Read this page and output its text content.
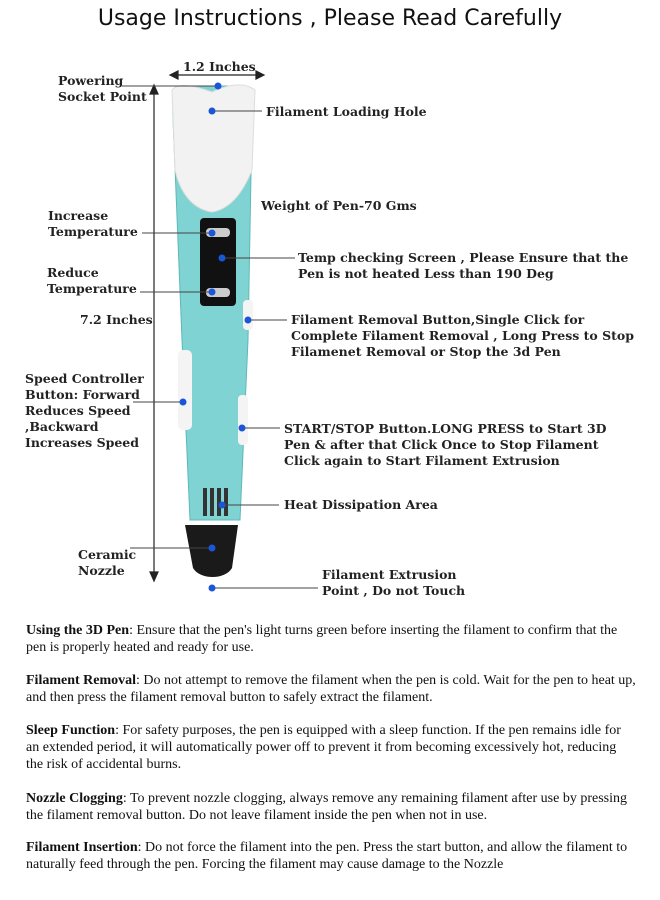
Usage Instructions , Please Read Carefully
1.2 Inches
7.2 Inches
Powering
Socket Point
Filament Loading Hole
Weight of Pen-70 Gms
Increase
Temperature
Reduce
Temperature
Temp checking Screen , Please Ensure that the
Pen is not heated Less than 190 Deg
Filament Removal Button,Single Click for
Complete Filament Removal , Long Press to Stop
Filamenet Removal or Stop the 3d Pen
Speed Controller
Button: Forward
Reduces Speed
,Backward
Increases Speed
START/STOP Button.LONG PRESS to Start 3D
Pen & after that Click Once to Stop Filament
Click again to Start Filament Extrusion
Heat Dissipation Area
Ceramic
Nozzle	Filament Extrusion
Point , Do not Touch
Using the 3D Pen: Ensure that the pen's light turns green before inserting the filament to confirm that the pen is properly heated and ready for use.
Filament Removal: Do not attempt to remove the filament when the pen is cold. Wait for the pen to heat up, and then press the filament removal button to safely extract the filament.
Sleep Function: For safety purposes, the pen is equipped with a sleep function. If the pen remains idle for an extended period, it will automatically power off to prevent it from becoming excessively hot, reducing the risk of accidental burns.
Nozzle Clogging: To prevent nozzle clogging, always remove any remaining filament after use by pressing the filament removal button. Do not leave filament inside the pen when not in use.
Filament Insertion: Do not force the filament into the pen. Press the start button, and allow the filament to naturally feed through the pen. Forcing the filament may cause damage to the Nozzle
